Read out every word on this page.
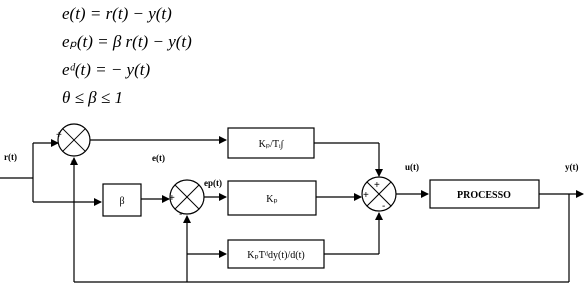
e(t) = r(t) − y(t)
eₚ(t) = β r(t) − y(t)
eᵈ(t) = − y(t)
θ ≤ β ≤ 1
r(t)
+
-	e(t)
Kₚ/Tᵢ∫
β	+
-
ep(t)
Kₚ
+
+
-
u(t)
PROCESSO
y(t)
KₚTᵈdy(t)/d(t)
